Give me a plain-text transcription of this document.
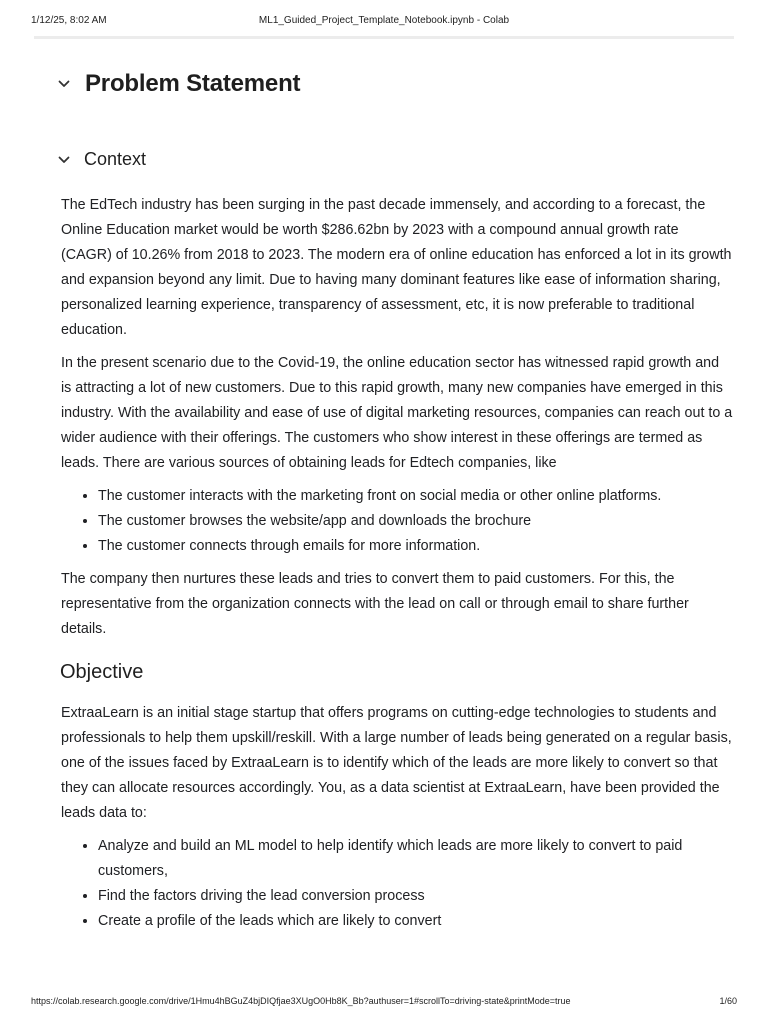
1/12/25, 8:02 AM	ML1_Guided_Project_Template_Notebook.ipynb - Colab
Problem Statement
Context

The EdTech industry has been surging in the past decade immensely, and according to a forecast, the Online Education market would be worth $286.62bn by 2023 with a compound annual growth rate (CAGR) of 10.26% from 2018 to 2023. The modern era of online education has enforced a lot in its growth and expansion beyond any limit. Due to having many dominant features like ease of information sharing, personalized learning experience, transparency of assessment, etc, it is now preferable to traditional education.

In the present scenario due to the Covid-19, the online education sector has witnessed rapid growth and is attracting a lot of new customers. Due to this rapid growth, many new companies have emerged in this industry. With the availability and ease of use of digital marketing resources, companies can reach out to a wider audience with their offerings. The customers who show interest in these offerings are termed as leads. There are various sources of obtaining leads for Edtech companies, like

• The customer interacts with the marketing front on social media or other online platforms.
• The customer browses the website/app and downloads the brochure
• The customer connects through emails for more information.

The company then nurtures these leads and tries to convert them to paid customers. For this, the representative from the organization connects with the lead on call or through email to share further details.

Objective

ExtraaLearn is an initial stage startup that offers programs on cutting-edge technologies to students and professionals to help them upskill/reskill. With a large number of leads being generated on a regular basis, one of the issues faced by ExtraaLearn is to identify which of the leads are more likely to convert so that they can allocate resources accordingly. You, as a data scientist at ExtraaLearn, have been provided the leads data to:

• Analyze and build an ML model to help identify which leads are more likely to convert to paid customers,
• Find the factors driving the lead conversion process
• Create a profile of the leads which are likely to convert
https://colab.research.google.com/drive/1Hmu4hBGuZ4bjDIQfjae3XUgO0Hb8K_Bb?authuser=1#scrollTo=driving-state&printMode=true	1/60
